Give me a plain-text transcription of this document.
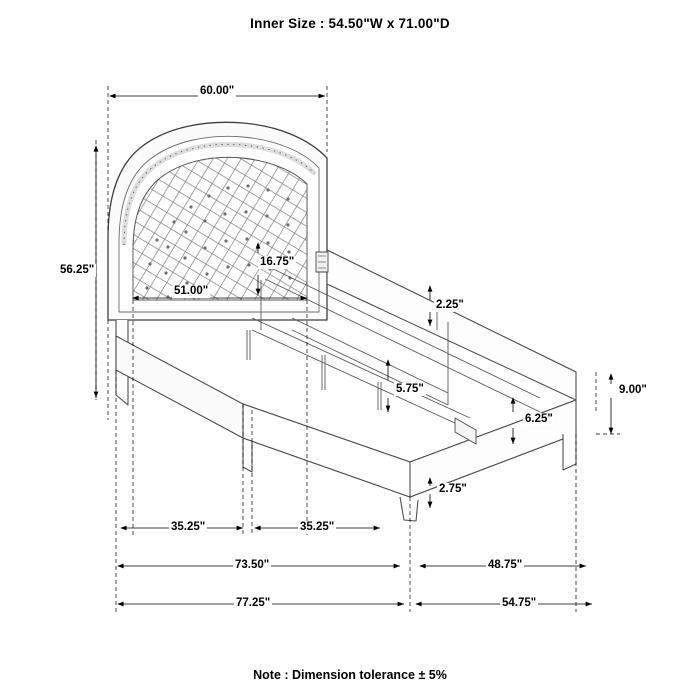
Inner Size : 54.50"W x 71.00"D
60.00"
56.25"
51.00"
16.75"
2.25"
5.75"
6.25"
9.00"
2.75"
35.25"	35.25"
73.50"	48.75"
77.25"	54.75"
Note : Dimension tolerance ± 5%
